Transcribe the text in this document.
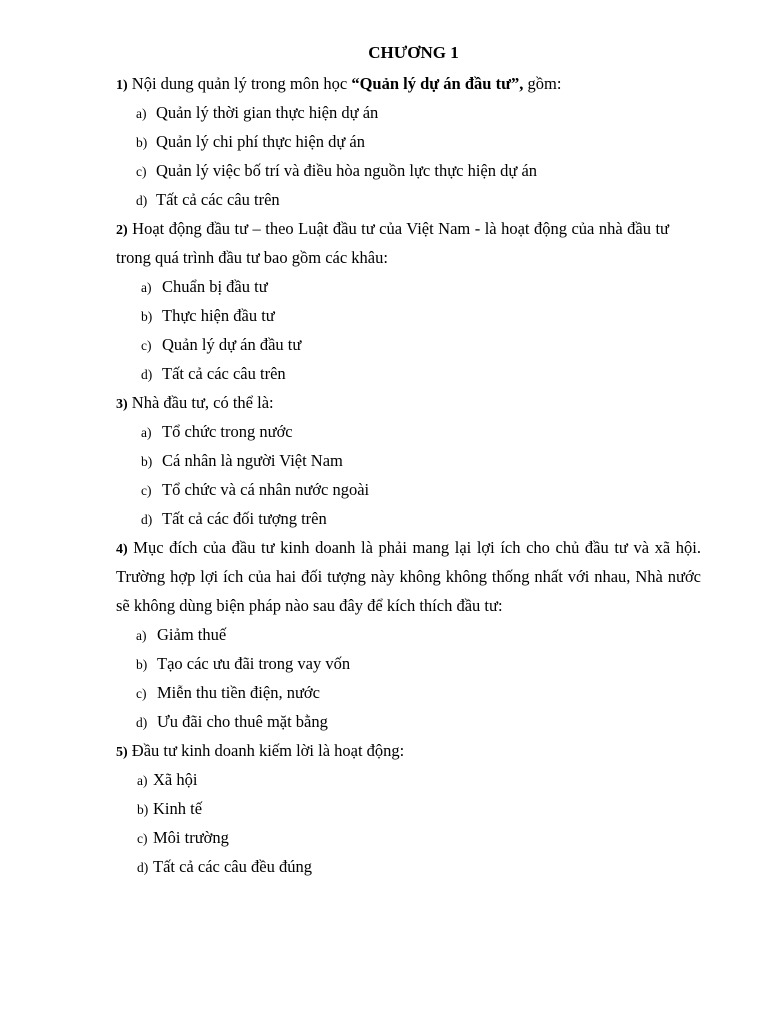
CHƯƠNG 1
1) Nội dung quản lý trong môn học “Quản lý dự án đầu tư”, gồm:
a) Quản lý thời gian thực hiện dự án
b) Quản lý chi phí thực hiện dự án
c) Quản lý việc bố trí và điều hòa nguồn lực thực hiện dự án
d) Tất cả các câu trên
2) Hoạt động đầu tư – theo Luật đầu tư của Việt Nam - là hoạt động của nhà đầu tư
trong quá trình đầu tư bao gồm các khâu:
a) Chuẩn bị đầu tư
b) Thực hiện đầu tư
c) Quản lý dự án đầu tư
d) Tất cả các câu trên
3) Nhà đầu tư, có thể là:
a) Tổ chức trong nước
b) Cá nhân là người Việt Nam
c) Tổ chức và cá nhân nước ngoài
d) Tất cả các đối tượng trên
4) Mục đích của đầu tư kinh doanh là phải mang lại lợi ích cho chủ đầu tư và xã hội.
Trường hợp lợi ích của hai đối tượng này không không thống nhất với nhau, Nhà nước
sẽ không dùng biện pháp nào sau đây để kích thích đầu tư:
a) Giảm thuế
b) Tạo các ưu đãi trong vay vốn
c) Miễn thu tiền điện, nước
d) Ưu đãi cho thuê mặt bằng
5) Đầu tư kinh doanh kiếm lời là hoạt động:
a) Xã hội
b) Kinh tế
c) Môi trường
d) Tất cả các câu đều đúng
